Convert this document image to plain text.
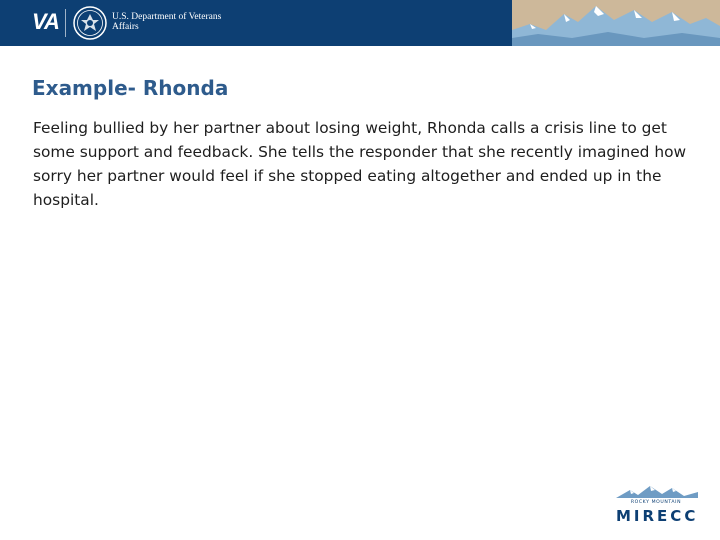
VA	U.S. Department of Veterans Affairs
Example- Rhonda

Feeling bullied by her partner about losing weight, Rhonda calls a crisis line to get some support and feedback. She tells the responder that she recently imagined how sorry her partner would feel if she stopped eating altogether and ended up in the hospital.

ROCKY MOUNTAIN
MIRECC
